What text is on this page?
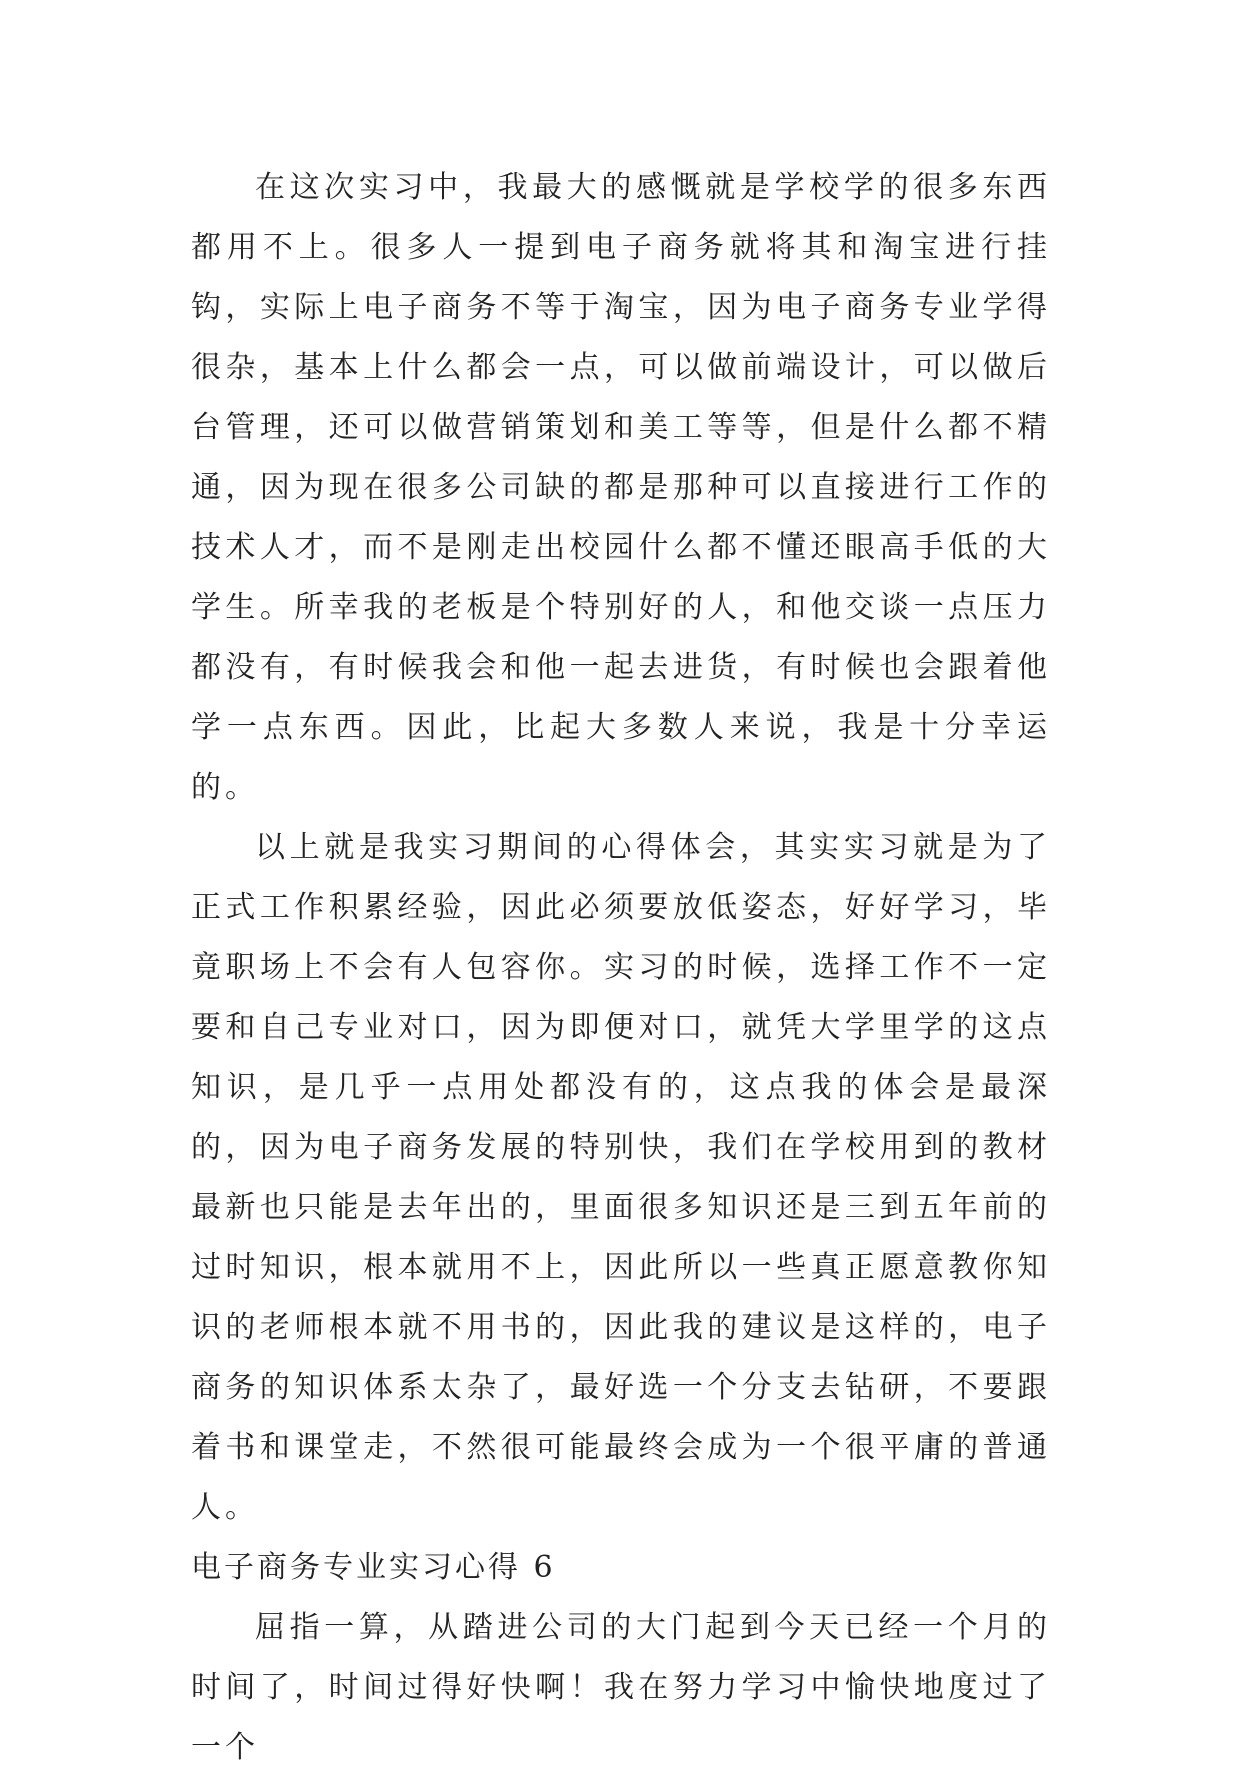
在这次实习中，我最大的感慨就是学校学的很多东西都用不上。很多人一提到电子商务就将其和淘宝进行挂钩，实际上电子商务不等于淘宝，因为电子商务专业学得很杂，基本上什么都会一点，可以做前端设计，可以做后台管理，还可以做营销策划和美工等等，但是什么都不精通，因为现在很多公司缺的都是那种可以直接进行工作的技术人才，而不是刚走出校园什么都不懂还眼高手低的大学生。所幸我的老板是个特别好的人，和他交谈一点压力都没有，有时候我会和他一起去进货，有时候也会跟着他学一点东西。因此，比起大多数人来说，我是十分幸运的。

以上就是我实习期间的心得体会，其实实习就是为了正式工作积累经验，因此必须要放低姿态，好好学习，毕竟职场上不会有人包容你。实习的时候，选择工作不一定要和自己专业对口，因为即便对口，就凭大学里学的这点知识，是几乎一点用处都没有的，这点我的体会是最深的，因为电子商务发展的特别快，我们在学校用到的教材最新也只能是去年出的，里面很多知识还是三到五年前的过时知识，根本就用不上，因此所以一些真正愿意教你知识的老师根本就不用书的，因此我的建议是这样的，电子商务的知识体系太杂了，最好选一个分支去钻研，不要跟着书和课堂走，不然很可能最终会成为一个很平庸的普通人。

电子商务专业实习心得 6

屈指一算，从踏进公司的大门起到今天已经一个月的时间了，时间过得好快啊！我在努力学习中愉快地度过了一个
